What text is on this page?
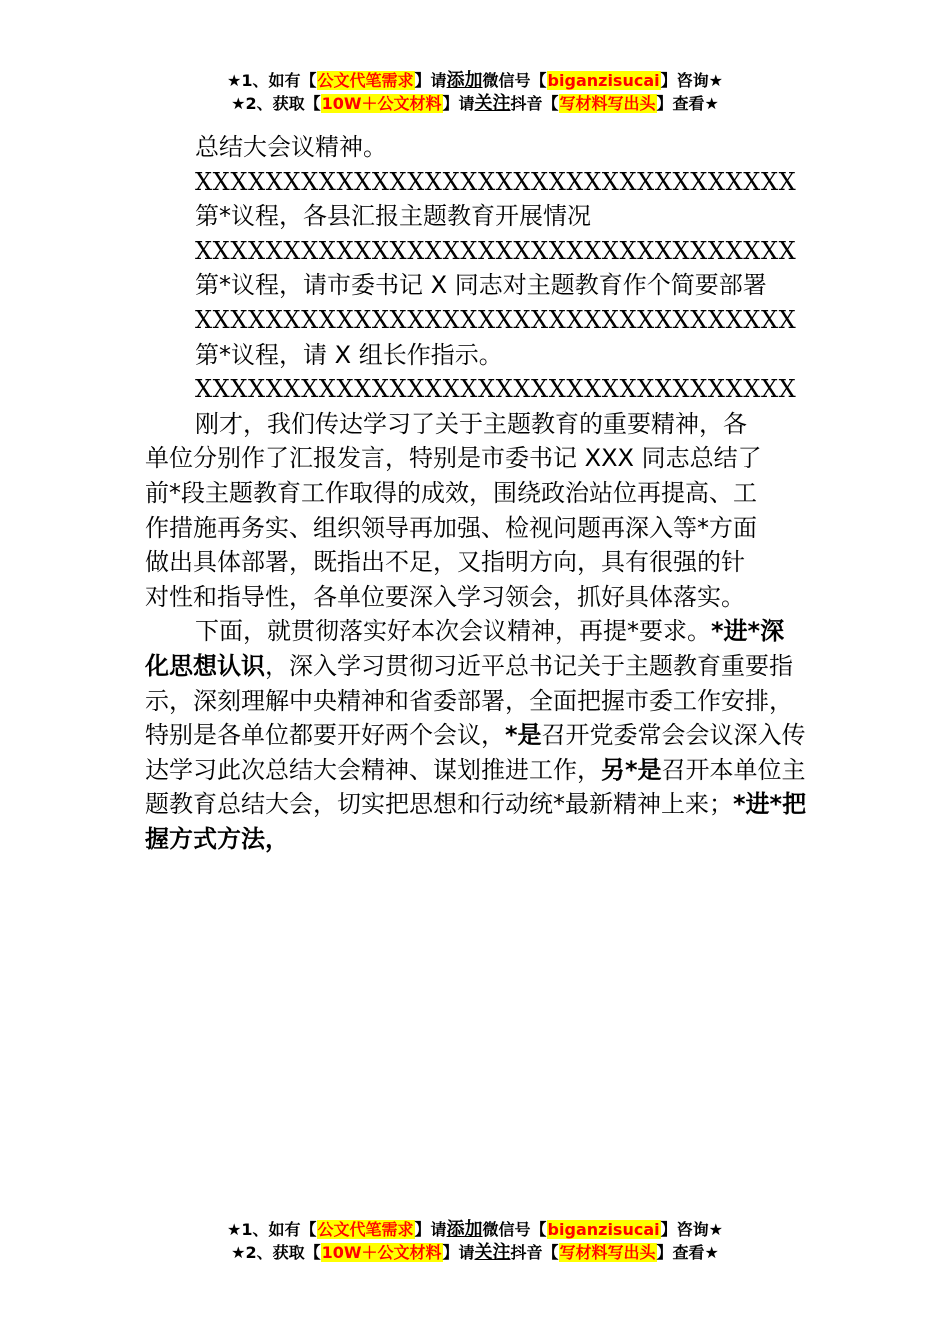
★1、如有【公文代笔需求】请添加微信号【biganzisucai】咨询★
★2、获取【10W＋公文材料】请关注抖音【写材料写出头】查看★

总结大会议精神。

XXXXXXXXXXXXXXXXXXXXXXXXXXXXXXXXXX

第*议程，各县汇报主题教育开展情况

XXXXXXXXXXXXXXXXXXXXXXXXXXXXXXXXXX

第*议程，请市委书记 X 同志对主题教育作个简要部署

XXXXXXXXXXXXXXXXXXXXXXXXXXXXXXXXXX

第*议程，请 X 组长作指示。

XXXXXXXXXXXXXXXXXXXXXXXXXXXXXXXXXX

刚才，我们传达学习了关于主题教育的重要精神，各

单位分别作了汇报发言，特别是市委书记 XXX 同志总结了

前*段主题教育工作取得的成效，围绕政治站位再提高、工

作措施再务实、组织领导再加强、检视问题再深入等*方面

做出具体部署，既指出不足，又指明方向，具有很强的针

对性和指导性，各单位要深入学习领会，抓好具体落实。

下面，就贯彻落实好本次会议精神，再提*要求。*进*深化思想认识，深入学习贯彻习近平总书记关于主题教育重要指示，深刻理解中央精神和省委部署，全面把握市委工作安排，特别是各单位都要开好两个会议，*是召开党委常会会议深入传达学习此次总结大会精神、谋划推进工作，另*是召开本单位主题教育总结大会，切实把思想和行动统*最新精神上来；*进*把握方式方法，

★1、如有【公文代笔需求】请添加微信号【biganzisucai】咨询★
★2、获取【10W＋公文材料】请关注抖音【写材料写出头】查看★
